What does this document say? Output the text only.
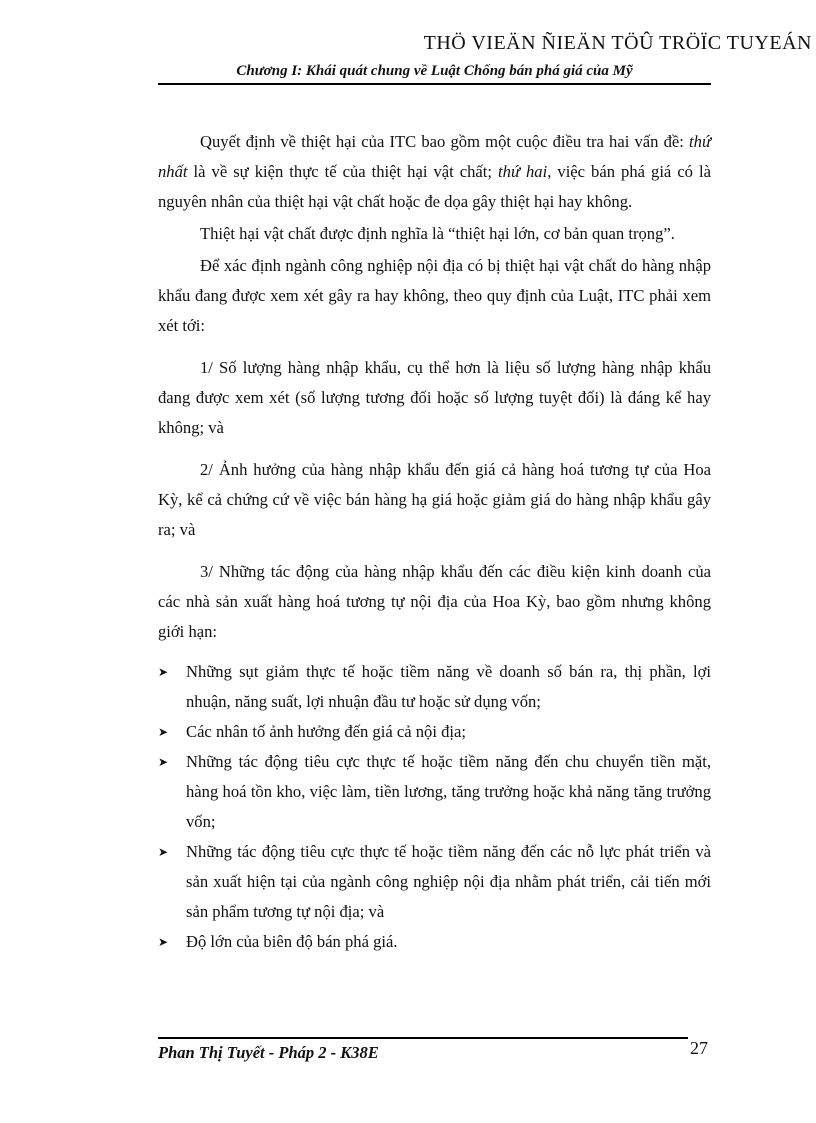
THÖ VIEÄN ÑIEÄN TÖÛ TRÖÏC TUYEÁN
Chương I: Khái quát chung về Luật Chống bán phá giá của Mỹ

Quyết định về thiệt hại của ITC bao gồm một cuộc điều tra hai vấn đề: thứ nhất là về sự kiện thực tế của thiệt hại vật chất; thứ hai, việc bán phá giá có là nguyên nhân của thiệt hại vật chất hoặc đe dọa gây thiệt hại hay không.

Thiệt hại vật chất được định nghĩa là “thiệt hại lớn, cơ bản quan trọng”.

Để xác định ngành công nghiệp nội địa có bị thiệt hại vật chất do hàng nhập khẩu đang được xem xét gây ra hay không, theo quy định của Luật, ITC phải xem xét tới:

1/ Số lượng hàng nhập khẩu, cụ thể hơn là liệu số lượng hàng nhập khẩu đang được xem xét (số lượng tương đối hoặc số lượng tuyệt đối) là đáng kể hay không; và

2/ Ảnh hưởng của hàng nhập khẩu đến giá cả hàng hoá tương tự của Hoa Kỳ, kể cả chứng cứ về việc bán hàng hạ giá hoặc giảm giá do hàng nhập khẩu gây ra; và

3/ Những tác động của hàng nhập khẩu đến các điều kiện kinh doanh của các nhà sản xuất hàng hoá tương tự nội địa của Hoa Kỳ, bao gồm nhưng không giới hạn:

➤	Những sụt giảm thực tế hoặc tiềm năng về doanh số bán ra, thị phần, lợi nhuận, năng suất, lợi nhuận đầu tư hoặc sử dụng vốn;
➤	Các nhân tố ảnh hưởng đến giá cả nội địa;
➤	Những tác động tiêu cực thực tế hoặc tiềm năng đến chu chuyển tiền mặt, hàng hoá tồn kho, việc làm, tiền lương, tăng trưởng hoặc khả năng tăng trưởng vốn;
➤	Những tác động tiêu cực thực tế hoặc tiềm năng đến các nỗ lực phát triển và sản xuất hiện tại của ngành công nghiệp nội địa nhằm phát triển, cải tiến mới sản phẩm tương tự nội địa; và
➤	Độ lớn của biên độ bán phá giá.
Phan Thị Tuyết - Pháp 2 - K38E	27
